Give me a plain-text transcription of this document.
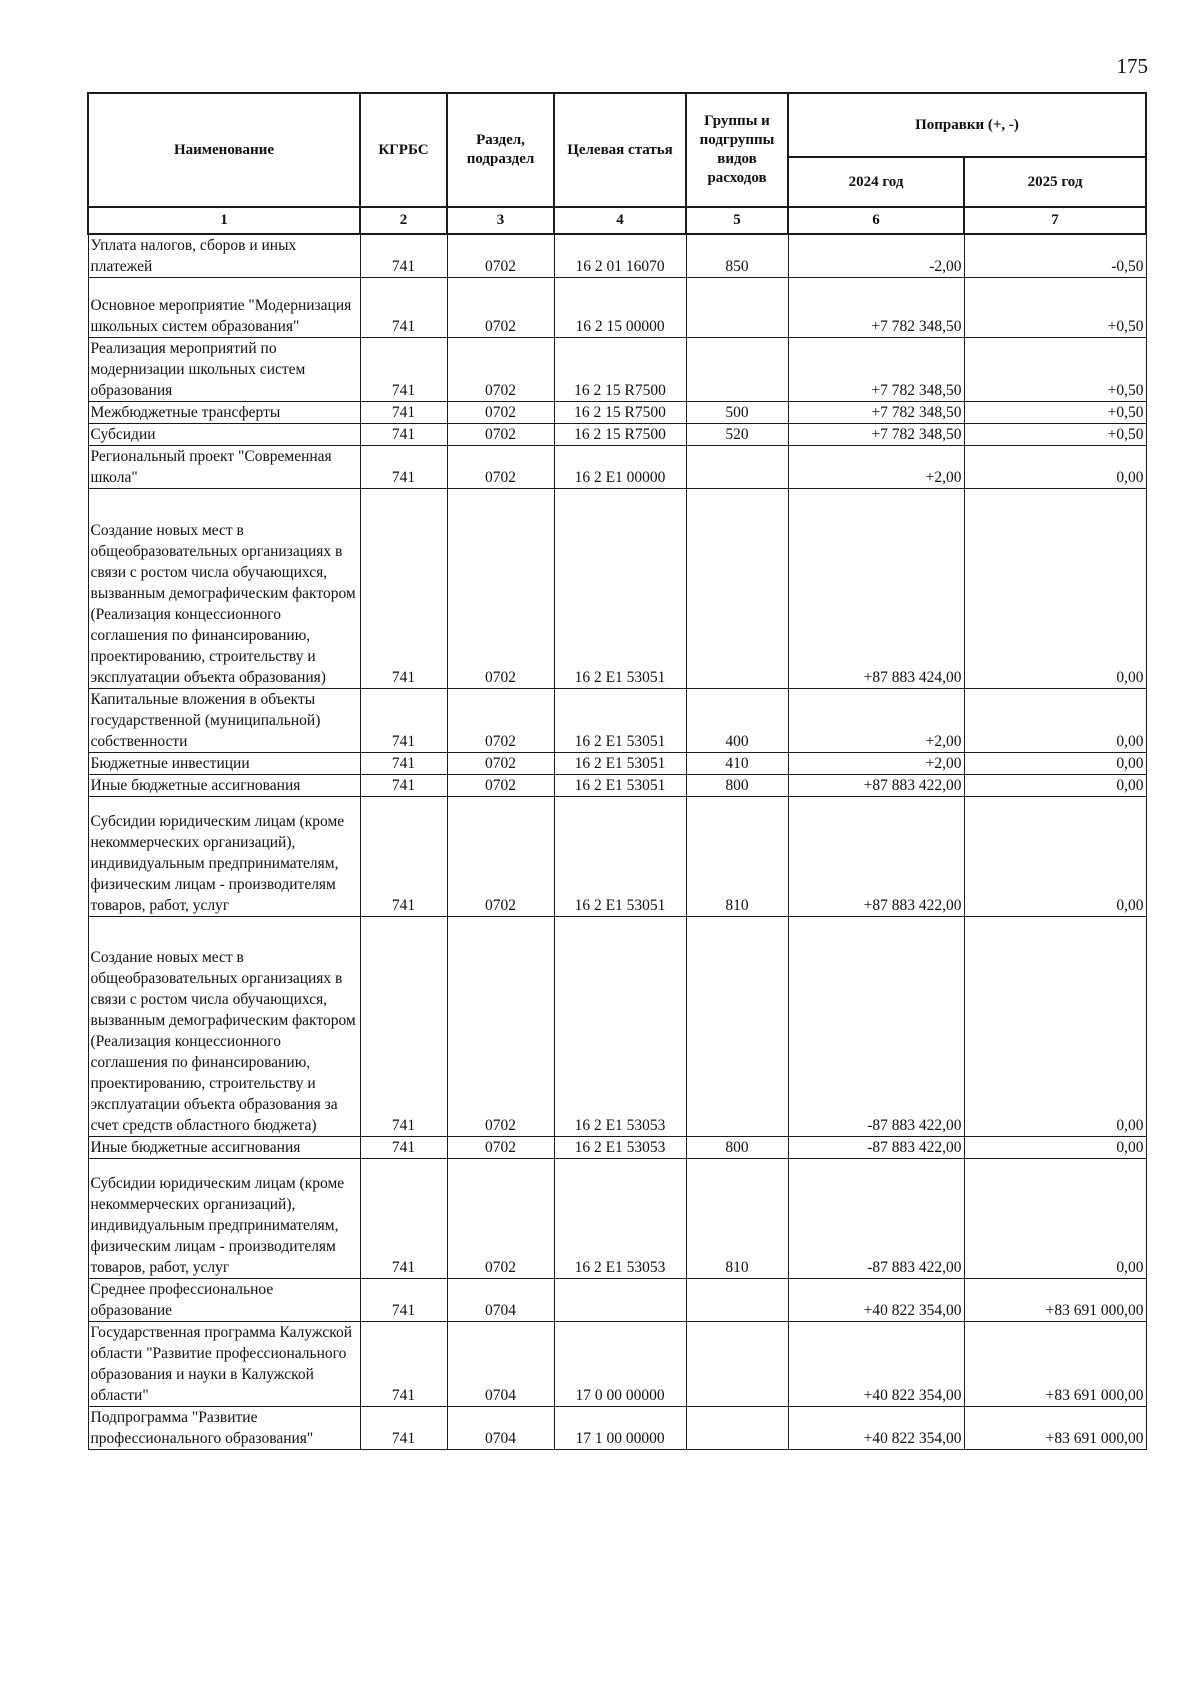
175
Наименование	КГРБС	Раздел, подраздел	Целевая статья	Группы и подгруппы видов расходов	Поправки (+, -)	
					2024 год	2025 год
1	2	3	4	5	6	7
Уплата налогов, сборов и иных платежей	741	0702	16 2 01 16070	850	-2,00	-0,50
Основное мероприятие "Модернизация школьных систем образования"	741	0702	16 2 15 00000		+7 782 348,50	+0,50
Реализация мероприятий по модернизации школьных систем образования	741	0702	16 2 15 R7500		+7 782 348,50	+0,50
Межбюджетные трансферты	741	0702	16 2 15 R7500	500	+7 782 348,50	+0,50
Субсидии	741	0702	16 2 15 R7500	520	+7 782 348,50	+0,50
Региональный проект "Современная школа"	741	0702	16 2 E1 00000		+2,00	0,00
Создание новых мест в общеобразовательных организациях в связи с ростом числа обучающихся, вызванным демографическим фактором (Реализация концессионного соглашения по финансированию, проектированию, строительству и эксплуатации объекта образования)	741	0702	16 2 E1 53051		+87 883 424,00	0,00
Капитальные вложения в объекты государственной (муниципальной) собственности	741	0702	16 2 E1 53051	400	+2,00	0,00
Бюджетные инвестиции	741	0702	16 2 E1 53051	410	+2,00	0,00
Иные бюджетные ассигнования	741	0702	16 2 E1 53051	800	+87 883 422,00	0,00
Субсидии юридическим лицам (кроме некоммерческих организаций), индивидуальным предпринимателям, физическим лицам - производителям товаров, работ, услуг	741	0702	16 2 E1 53051	810	+87 883 422,00	0,00
Создание новых мест в общеобразовательных организациях в связи с ростом числа обучающихся, вызванным демографическим фактором (Реализация концессионного соглашения по финансированию, проектированию, строительству и эксплуатации объекта образования за счет средств областного бюджета)	741	0702	16 2 E1 53053		-87 883 422,00	0,00
Иные бюджетные ассигнования	741	0702	16 2 E1 53053	800	-87 883 422,00	0,00
Субсидии юридическим лицам (кроме некоммерческих организаций), индивидуальным предпринимателям, физическим лицам - производителям товаров, работ, услуг	741	0702	16 2 E1 53053	810	-87 883 422,00	0,00
Среднее профессиональное образование	741	0704			+40 822 354,00	+83 691 000,00
Государственная программа Калужской области "Развитие профессионального образования и науки в Калужской области"	741	0704	17 0 00 00000		+40 822 354,00	+83 691 000,00
Подпрограмма "Развитие профессионального образования"	741	0704	17 1 00 00000		+40 822 354,00	+83 691 000,00
